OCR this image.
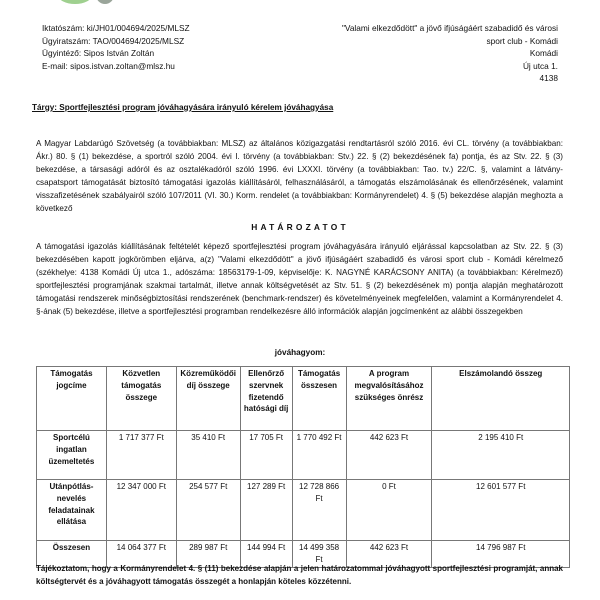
Iktatószám: ki/JH01/004694/2025/MLSZ
Ügyiratszám: TAO/004694/2025/MLSZ
Ügyintéző: Sipos István Zoltán
E-mail: sipos.istvan.zoltan@mlsz.hu
"Valami elkezdődött" a jövő ifjúságáért szabadidő és városi
sport club - Komádi
Komádi
Új utca 1.
4138
Tárgy: Sportfejlesztési program jóváhagyására irányuló kérelem jóváhagyása
A Magyar Labdarúgó Szövetség (a továbbiakban: MLSZ) az általános közigazgatási rendtartásról szóló 2016. évi CL. törvény (a továbbiakban: Ákr.) 80. § (1) bekezdése, a sportról szóló 2004. évi I. törvény (a továbbiakban: Stv.) 22. § (2) bekezdésének fa) pontja, és az Stv. 22. § (3) bekezdése, a társasági adóról és az osztalékadóról szóló 1996. évi LXXXI. törvény (a továbbiakban: Tao. tv.) 22/C. §, valamint a látvány-csapatsport támogatását biztosító támogatási igazolás kiállításáról, felhasználásáról, a támogatás elszámolásának és ellenőrzésének, valamint visszafizetésének szabályairól szóló 107/2011 (VI. 30.) Korm. rendelet (a továbbiakban: Kormányrendelet) 4. § (5) bekezdése alapján meghozta a következő
HATÁROZATOT
A támogatási igazolás kiállításának feltételét képező sportfejlesztési program jóváhagyására irányuló eljárással kapcsolatban az Stv. 22. § (3) bekezdésében kapott jogkörömben eljárva, a(z) "Valami elkezdődött" a jövő ifjúságáért szabadidő és városi sport club - Komádi kérelmező (székhelye: 4138 Komádi Új utca 1., adószáma: 18563179-1-09, képviselője: K. NAGYNÉ KARÁCSONY ANITA) (a továbbiakban: Kérelmező) sportfejlesztési programjának szakmai tartalmát, illetve annak költségvetését az Stv. 51. § (2) bekezdésének m) pontja alapján meghatározott támogatási rendszerek minőségbiztosítási rendszerének (benchmark-rendszer) és követelményeinek megfelelően, valamint a Kormányrendelet 4. §-ának (5) bekezdése, illetve a sportfejlesztési programban rendelkezésre álló információk alapján jogcímenként az alábbi összegekben
jóváhagyom:
Támogatás jogcíme	Közvetlen támogatás összege	Közreműködői díj összege	Ellenőrző szervnek fizetendő hatósági díj	Támogatás összesen	A program megvalósításához szükséges önrész	Elszámolandó összeg
Sportcélú ingatlan üzemeltetés	1 717 377 Ft	35 410 Ft	17 705 Ft	1 770 492 Ft	442 623 Ft	2 195 410 Ft
Utánpótlás-nevelés feladatainak ellátása	12 347 000 Ft	254 577 Ft	127 289 Ft	12 728 866 Ft	0 Ft	12 601 577 Ft
Összesen	14 064 377 Ft	289 987 Ft	144 994 Ft	14 499 358 Ft	442 623 Ft	14 796 987 Ft
Tájékoztatom, hogy a Kormányrendelet 4. § (11) bekezdése alapján a jelen határozatommal jóváhagyott sportfejlesztési programját, annak költségtervét és a jóváhagyott támogatás összegét a honlapján köteles közzétenni.
